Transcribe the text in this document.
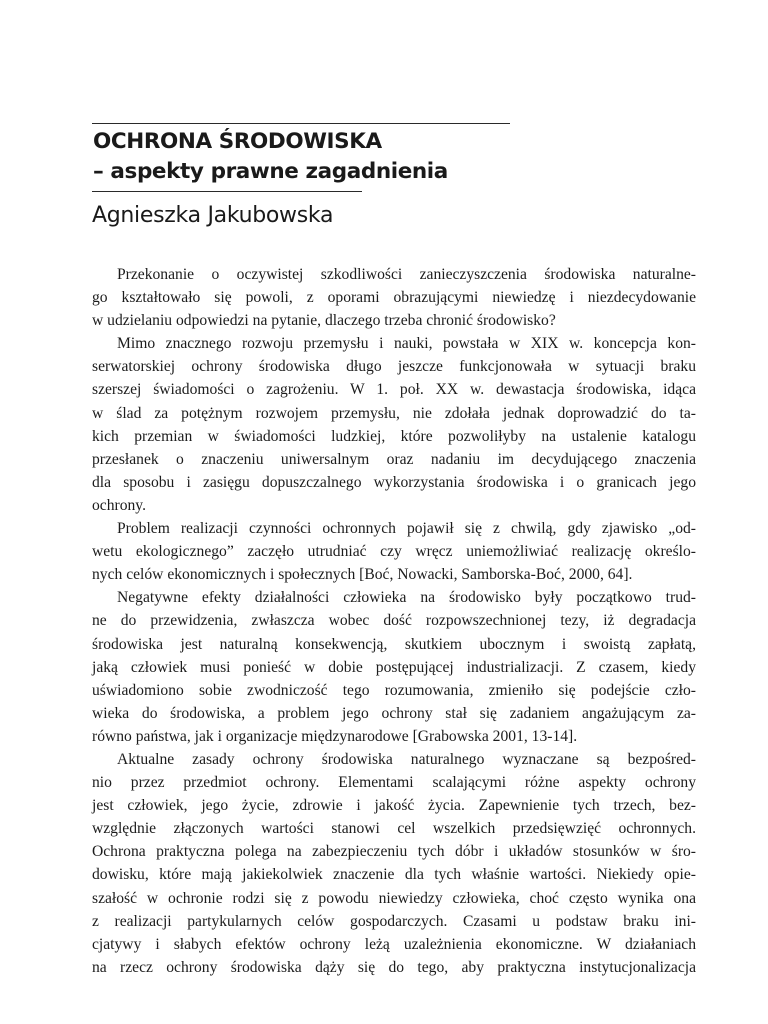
OCHRONA ŚRODOWISKA
– aspekty prawne zagadnienia
Agnieszka Jakubowska

Przekonanie o oczywistej szkodliwości zanieczyszczenia środowiska naturalne-
go kształtowało się powoli, z oporami obrazującymi niewiedzę i niezdecydowanie
w udzielaniu odpowiedzi na pytanie, dlaczego trzeba chronić środowisko?

Mimo znacznego rozwoju przemysłu i nauki, powstała w XIX w. koncepcja kon-
serwatorskiej ochrony środowiska długo jeszcze funkcjonowała w sytuacji braku
szerszej świadomości o zagrożeniu. W 1. poł. XX w. dewastacja środowiska, idąca
w ślad za potężnym rozwojem przemysłu, nie zdołała jednak doprowadzić do ta-
kich przemian w świadomości ludzkiej, które pozwoliłyby na ustalenie katalogu
przesłanek o znaczeniu uniwersalnym oraz nadaniu im decydującego znaczenia
dla sposobu i zasięgu dopuszczalnego wykorzystania środowiska i o granicach jego
ochrony.

Problem realizacji czynności ochronnych pojawił się z chwilą, gdy zjawisko „od-
wetu ekologicznego” zaczęło utrudniać czy wręcz uniemożliwiać realizację określo-
nych celów ekonomicznych i społecznych [Boć, Nowacki, Samborska-Boć, 2000, 64].

Negatywne efekty działalności człowieka na środowisko były początkowo trud-
ne do przewidzenia, zwłaszcza wobec dość rozpowszechnionej tezy, iż degradacja
środowiska jest naturalną konsekwencją, skutkiem ubocznym i swoistą zapłatą,
jaką człowiek musi ponieść w dobie postępującej industrializacji. Z czasem, kiedy
uświadomiono sobie zwodniczość tego rozumowania, zmieniło się podejście czło-
wieka do środowiska, a problem jego ochrony stał się zadaniem angażującym za-
równo państwa, jak i organizacje międzynarodowe [Grabowska 2001, 13-14].

Aktualne zasady ochrony środowiska naturalnego wyznaczane są bezpośred-
nio przez przedmiot ochrony. Elementami scalającymi różne aspekty ochrony
jest człowiek, jego życie, zdrowie i jakość życia. Zapewnienie tych trzech, bez-
względnie złączonych wartości stanowi cel wszelkich przedsięwzięć ochronnych.
Ochrona praktyczna polega na zabezpieczeniu tych dóbr i układów stosunków w śro-
dowisku, które mają jakiekolwiek znaczenie dla tych właśnie wartości. Niekiedy opie-
szałość w ochronie rodzi się z powodu niewiedzy człowieka, choć często wynika ona
z realizacji partykularnych celów gospodarczych. Czasami u podstaw braku ini-
cjatywy i słabych efektów ochrony leżą uzależnienia ekonomiczne. W działaniach
na rzecz ochrony środowiska dąży się do tego, aby praktyczna instytucjonalizacja
